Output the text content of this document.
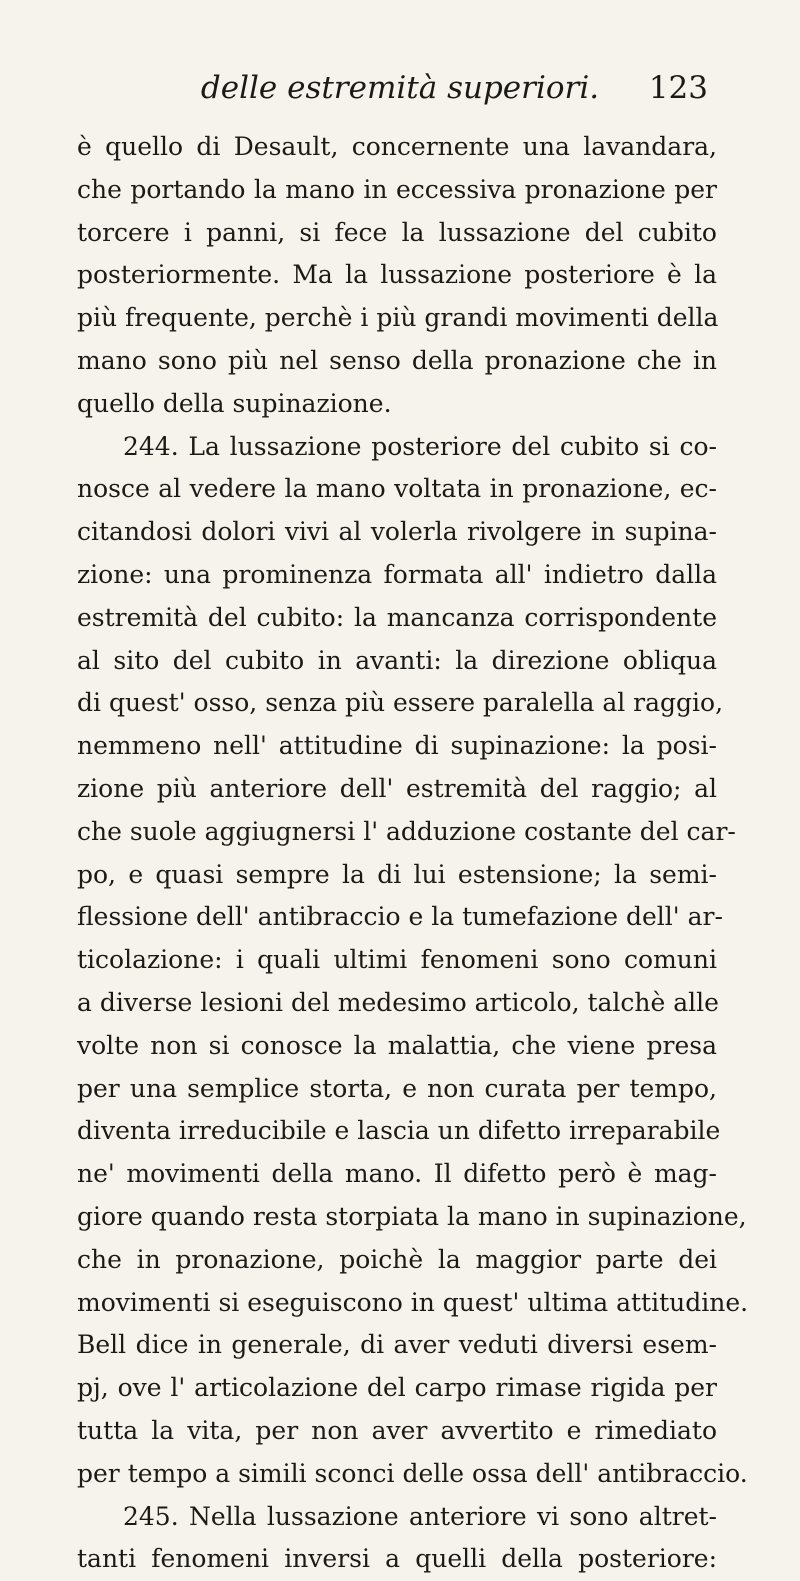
delle estremità superiori.	123
è quello di Desault, concernente una lavandara,
che portando la mano in eccessiva pronazione per
torcere i panni, si fece la lussazione del cubito
posteriormente. Ma la lussazione posteriore è la
più frequente, perchè i più grandi movimenti della
mano sono più nel senso della pronazione che in
quello della supinazione.
244. La lussazione posteriore del cubito si co-
nosce al vedere la mano voltata in pronazione, ec-
citandosi dolori vivi al volerla rivolgere in supina-
zione: una prominenza formata all' indietro dalla
estremità del cubito: la mancanza corrispondente
al sito del cubito in avanti: la direzione obliqua
di quest' osso, senza più essere paralella al raggio,
nemmeno nell' attitudine di supinazione: la posi-
zione più anteriore dell' estremità del raggio; al
che suole aggiugnersi l' adduzione costante del car-
po, e quasi sempre la di lui estensione; la semi-
flessione dell' antibraccio e la tumefazione dell' ar-
ticolazione: i quali ultimi fenomeni sono comuni
a diverse lesioni del medesimo articolo, talchè alle
volte non si conosce la malattia, che viene presa
per una semplice storta, e non curata per tempo,
diventa irreducibile e lascia un difetto irreparabile
ne' movimenti della mano. Il difetto però è mag-
giore quando resta storpiata la mano in supinazione,
che in pronazione, poichè la maggior parte dei
movimenti si eseguiscono in quest' ultima attitudine.
Bell dice in generale, di aver veduti diversi esem-
pj, ove l' articolazione del carpo rimase rigida per
tutta la vita, per non aver avvertito e rimediato
per tempo a simili sconci delle ossa dell' antibraccio.
245. Nella lussazione anteriore vi sono altret-
tanti fenomeni inversi a quelli della posteriore:
